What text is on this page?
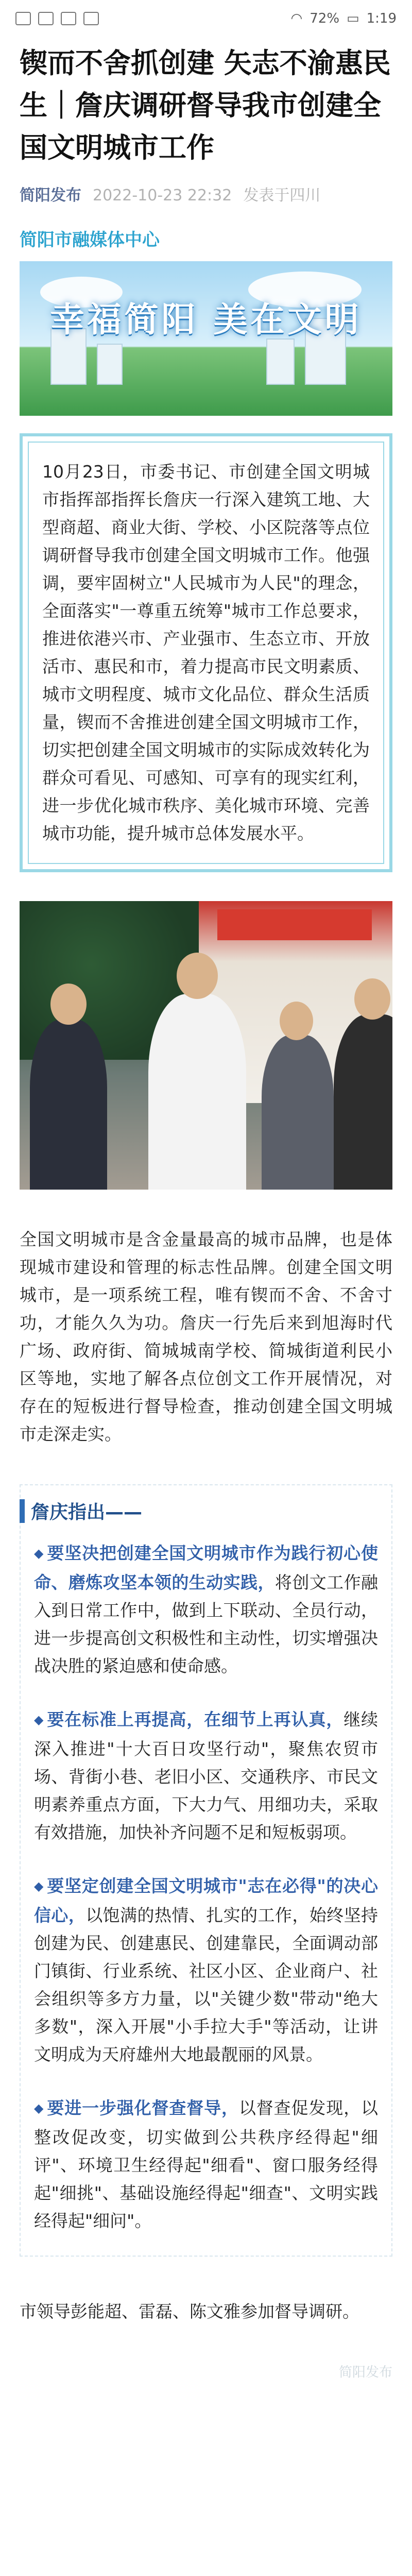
◠ 72% ▭ 1:19
锲而不舍抓创建 矢志不渝惠民生｜詹庆调研督导我市创建全国文明城市工作
简阳发布 2022-10-23 22:32 发表于四川
简阳市融媒体中心
幸福简阳 美在文明
10月23日，市委书记、市创建全国文明城市指挥部指挥长詹庆一行深入建筑工地、大型商超、商业大街、学校、小区院落等点位调研督导我市创建全国文明城市工作。他强调，要牢固树立"人民城市为人民"的理念，全面落实"一尊重五统筹"城市工作总要求，推进依港兴市、产业强市、生态立市、开放活市、惠民和市，着力提高市民文明素质、城市文明程度、城市文化品位、群众生活质量，锲而不舍推进创建全国文明城市工作，切实把创建全国文明城市的实际成效转化为群众可看见、可感知、可享有的现实红利，进一步优化城市秩序、美化城市环境、完善城市功能，提升城市总体发展水平。

全国文明城市是含金量最高的城市品牌，也是体现城市建设和管理的标志性品牌。创建全国文明城市，是一项系统工程，唯有锲而不舍、不舍寸功，才能久久为功。詹庆一行先后来到旭海时代广场、政府街、简城城南学校、简城街道利民小区等地，实地了解各点位创文工作开展情况，对存在的短板进行督导检查，推动创建全国文明城市走深走实。

詹庆指出——

◆ 要坚决把创建全国文明城市作为践行初心使命、磨炼攻坚本领的生动实践，将创文工作融入到日常工作中，做到上下联动、全员行动，进一步提高创文积极性和主动性，切实增强决战决胜的紧迫感和使命感。

◆ 要在标准上再提高，在细节上再认真，继续深入推进"十大百日攻坚行动"，聚焦农贸市场、背街小巷、老旧小区、交通秩序、市民文明素养重点方面，下大力气、用细功夫，采取有效措施，加快补齐问题不足和短板弱项。

◆ 要坚定创建全国文明城市"志在必得"的决心信心，以饱满的热情、扎实的工作，始终坚持创建为民、创建惠民、创建靠民，全面调动部门镇街、行业系统、社区小区、企业商户、社会组织等多方力量，以"关键少数"带动"绝大多数"，深入开展"小手拉大手"等活动，让讲文明成为天府雄州大地最靓丽的风景。

◆ 要进一步强化督查督导，以督查促发现，以整改促改变，切实做到公共秩序经得起"细评"、环境卫生经得起"细看"、窗口服务经得起"细挑"、基础设施经得起"细查"、文明实践经得起"细问"。

市领导彭能超、雷磊、陈文雅参加督导调研。

简阳发布
